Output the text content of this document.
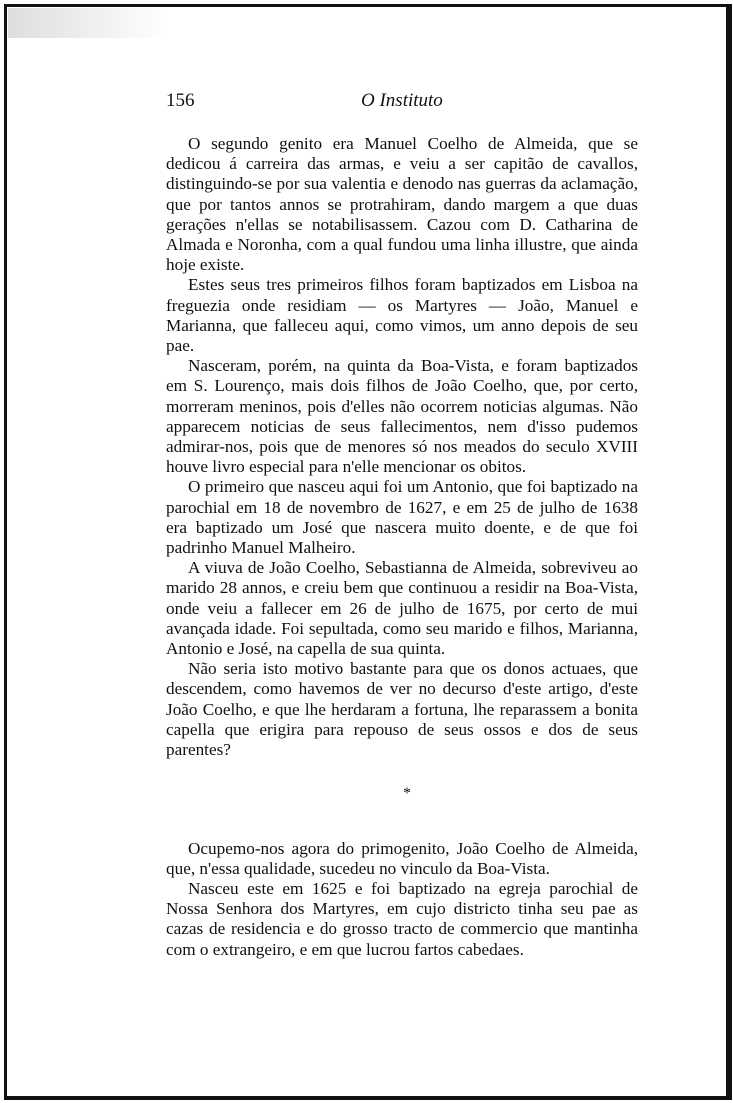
156	O Instituto

O segundo genito era Manuel Coelho de Almeida, que se dedicou á carreira das armas, e veiu a ser capitão de cavallos, distinguindo-se por sua valentia e denodo nas guerras da aclamação, que por tantos annos se protrahiram, dando margem a que duas gerações n'ellas se notabilisassem. Cazou com D. Catharina de Almada e Noronha, com a qual fundou uma linha illustre, que ainda hoje existe.

Estes seus tres primeiros filhos foram baptizados em Lisboa na freguezia onde residiam — os Martyres — João, Manuel e Marianna, que falleceu aqui, como vimos, um anno depois de seu pae.

Nasceram, porém, na quinta da Boa-Vista, e foram baptizados em S. Lourenço, mais dois filhos de João Coelho, que, por certo, morreram meninos, pois d'elles não ocorrem noticias algumas. Não apparecem noticias de seus fallecimentos, nem d'isso pudemos admirar-nos, pois que de menores só nos meados do seculo XVIII houve livro especial para n'elle mencionar os obitos.

O primeiro que nasceu aqui foi um Antonio, que foi baptizado na parochial em 18 de novembro de 1627, e em 25 de julho de 1638 era baptizado um José que nascera muito doente, e de que foi padrinho Manuel Malheiro.

A viuva de João Coelho, Sebastianna de Almeida, sobreviveu ao marido 28 annos, e creiu bem que continuou a residir na Boa-Vista, onde veiu a fallecer em 26 de julho de 1675, por certo de mui avançada idade. Foi sepultada, como seu marido e filhos, Marianna, Antonio e José, na capella de sua quinta.

Não seria isto motivo bastante para que os donos actuaes, que descendem, como havemos de ver no decurso d'este artigo, d'este João Coelho, e que lhe herdaram a fortuna, lhe reparassem a bonita capella que erigira para repouso de seus ossos e dos de seus parentes?

*

Ocupemo-nos agora do primogenito, João Coelho de Almeida, que, n'essa qualidade, sucedeu no vinculo da Boa-Vista.

Nasceu este em 1625 e foi baptizado na egreja parochial de Nossa Senhora dos Martyres, em cujo districto tinha seu pae as cazas de residencia e do grosso tracto de commercio que mantinha com o extrangeiro, e em que lucrou fartos cabedaes.
